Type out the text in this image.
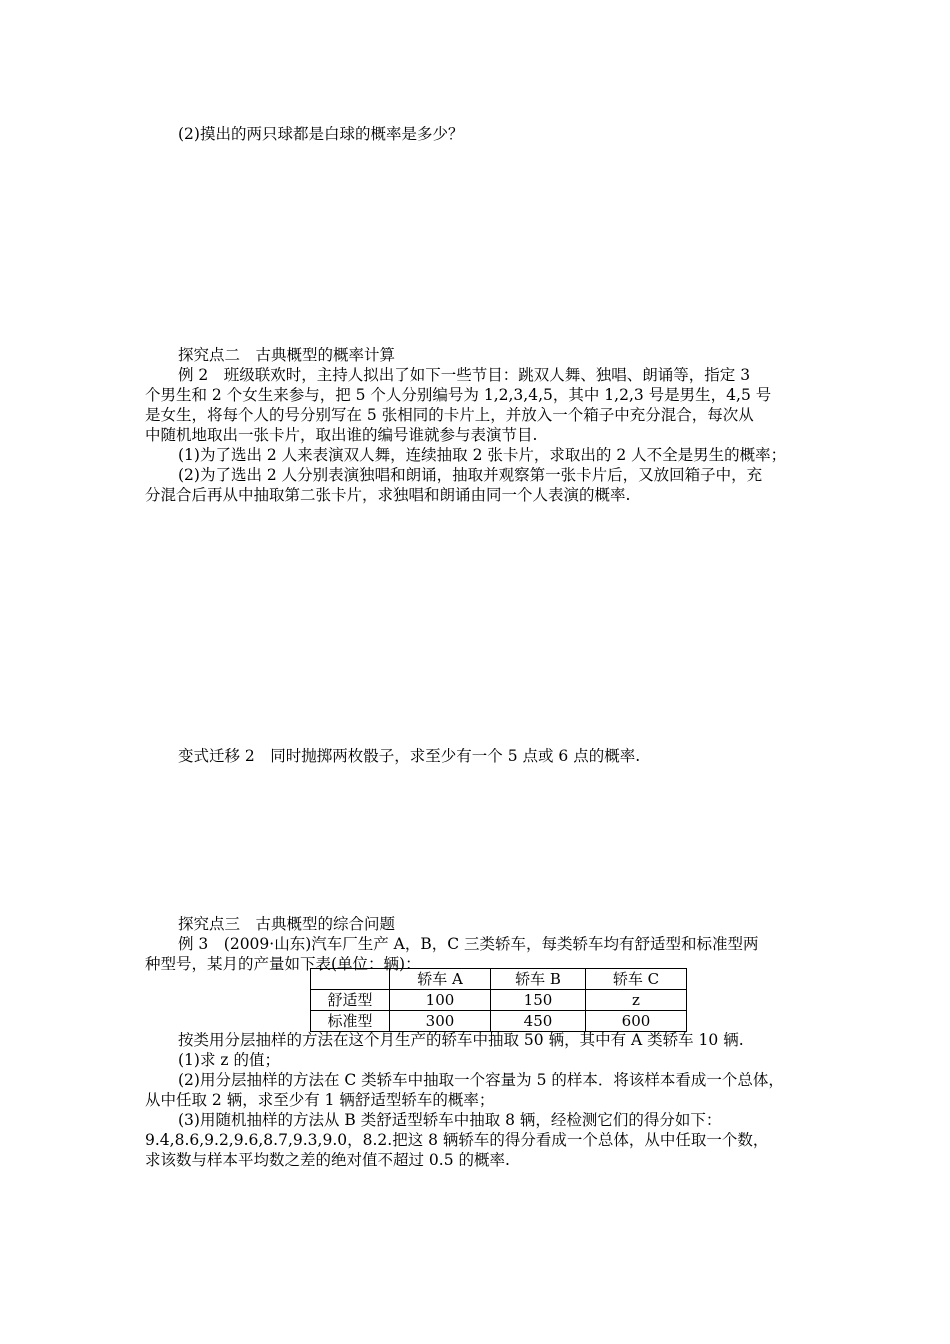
(2)摸出的两只球都是白球的概率是多少？
探究点二　古典概型的概率计算
例 2　班级联欢时，主持人拟出了如下一些节目：跳双人舞、独唱、朗诵等，指定 3
个男生和 2 个女生来参与，把 5 个人分别编号为 1,2,3,4,5，其中 1,2,3 号是男生，4,5 号
是女生，将每个人的号分别写在 5 张相同的卡片上，并放入一个箱子中充分混合，每次从
中随机地取出一张卡片，取出谁的编号谁就参与表演节目.
(1)为了选出 2 人来表演双人舞，连续抽取 2 张卡片，求取出的 2 人不全是男生的概率；
(2)为了选出 2 人分别表演独唱和朗诵，抽取并观察第一张卡片后，又放回箱子中，充
分混合后再从中抽取第二张卡片，求独唱和朗诵由同一个人表演的概率.
变式迁移 2　同时抛掷两枚骰子，求至少有一个 5 点或 6 点的概率.
探究点三　古典概型的综合问题
例 3　(2009·山东)汽车厂生产 A，B，C 三类轿车，每类轿车均有舒适型和标准型两
种型号，某月的产量如下表(单位：辆)：
	轿车 A	轿车 B	轿车 C
舒适型	100	150	z
标准型	300	450	600
按类用分层抽样的方法在这个月生产的轿车中抽取 50 辆，其中有 A 类轿车 10 辆.
(1)求 z 的值；
(2)用分层抽样的方法在 C 类轿车中抽取一个容量为 5 的样本．将该样本看成一个总体，
从中任取 2 辆，求至少有 1 辆舒适型轿车的概率；
(3)用随机抽样的方法从 B 类舒适型轿车中抽取 8 辆，经检测它们的得分如下：
9.4,8.6,9.2,9.6,8.7,9.3,9.0，8.2.把这 8 辆轿车的得分看成一个总体，从中任取一个数，
求该数与样本平均数之差的绝对值不超过 0.5 的概率.
